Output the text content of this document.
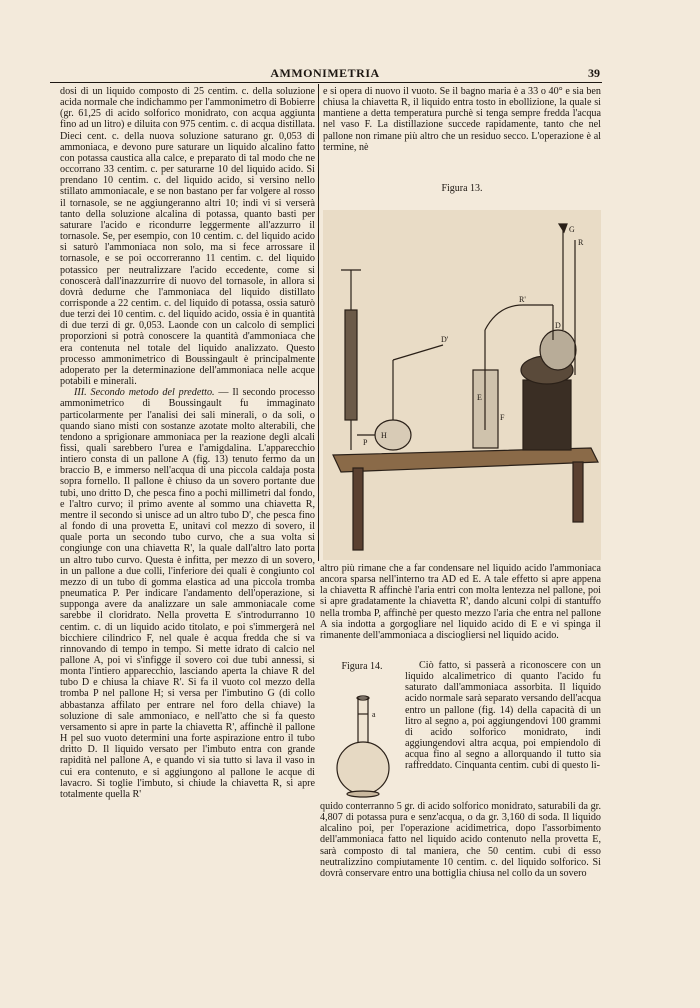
AMMONIMETRIA	39

dosi di un liquido composto di 25 centim. c. della soluzione acida normale che indichammo per l'ammonimetro di Bobierre (gr. 61,25 di acido solforico monidrato, con acqua aggiunta fino ad un litro) e diluita con 975 centim. c. di acqua distillata. Dieci cent. c. della nuova soluzione saturano gr. 0,053 di ammoniaca, e devono pure saturare un liquido alcalino fatto con potassa caustica alla calce, e preparato di tal modo che ne occorrano 33 centim. c. per saturarne 10 del liquido acido. Si prendano 10 centim. c. del liquido acido, si versino nello stillato ammoniacale, e se non bastano per far volgere al rosso il tornasole, se ne aggiungeranno altri 10; indi vi si verserà tanto della soluzione alcalina di potassa, quanto basti per saturare l'acido e ricondurre leggermente all'azzurro il tornasole. Se, per esempio, con 10 centim. c. del liquido acido si saturò l'ammoniaca non solo, ma si fece arrossare il tornasole, e se poi occorreranno 11 centim. c. del liquido potassico per neutralizzare l'acido eccedente, come si conoscerà dall'inazzurrire di nuovo del tornasole, in allora si dovrà dedurne che l'ammoniaca del liquido distillato corrisponde a 22 centim. c. del liquido di potassa, ossia saturò due terzi dei 10 centim. c. del liquido acido, ossia è in quantità di due terzi di gr. 0,053. Laonde con un calcolo di semplici proporzioni si potrà conoscere la quantità d'ammoniaca che era contenuta nel totale del liquido analizzato. Questo processo ammonimetrico di Boussingault è principalmente adoperato per la determinazione dell'ammoniaca nelle acque potabili e minerali.

III. Secondo metodo del predetto. — Il secondo processo ammonimetrico di Boussingault fu immaginato particolarmente per l'analisi dei sali minerali, o da soli, o quando siano misti con sostanze azotate molto alterabili, che tendono a sprigionare ammoniaca per la reazione degli alcali fissi, quali sarebbero l'urea e l'amigdalina. L'apparecchio intiero consta di un pallone A (fig. 13) tenuto fermo da un braccio B, e immerso nell'acqua di una piccola caldaja posta sopra fornello. Il pallone è chiuso da un sovero portante due tubi, uno dritto D, che pesca fino a pochi millimetri dal fondo, e l'altro curvo; il primo avente al sommo una chiavetta R, mentre il secondo si unisce ad un altro tubo D', che pesca fino al fondo di una provetta E, unitavi col mezzo di sovero, il quale porta un secondo tubo curvo, che a sua volta si congiunge con una chiavetta R', la quale dall'altro lato porta un altro tubo curvo. Questa è infitta, per mezzo di un sovero, in un pallone a due colli, l'inferiore dei quali è congiunto col mezzo di un tubo di gomma elastica ad una piccola tromba pneumatica P. Per indicare l'andamento dell'operazione, si supponga avere da analizzare un sale ammoniacale come sarebbe il cloridrato. Nella provetta E s'introdurranno 10 centim. c. di un liquido acido titolato, e poi s'immergerà nel bicchiere cilindrico F, nel quale è acqua fredda che si va rinnovando di tempo in tempo. Si mette idrato di calcio nel pallone A, poi vi s'infigge il sovero coi due tubi annessi, si monta l'intiero apparecchio, lasciando aperta la chiave R del tubo D e chiusa la chiave R'. Si fa il vuoto col mezzo della tromba P nel pallone H; si versa per l'imbutino G (di collo abbastanza affilato per entrare nel foro della chiave) la soluzione di sale ammoniaco, e nell'atto che si fa questo versamento si apre in parte la chiavetta R', affinchè il pallone H pel suo vuoto determini una forte aspirazione entro il tubo dritto D. Il liquido versato per l'imbuto entra con grande rapidità nel pallone A, e quando vi sia tutto si lava il vaso in cui era contenuto, e si aggiungono al pallone le acque di lavacro. Si toglie l'imbuto, si chiude la chiavetta R, si apre totalmente quella R'

e si opera di nuovo il vuoto. Se il bagno maria è a 33 o 40° e sia ben chiusa la chiavetta R, il liquido entra tosto in ebollizione, la quale si mantiene a detta temperatura purchè si tenga sempre fredda l'acqua nel vaso F. La distillazione succede rapidamente, tanto che nel pallone non rimane più altro che un residuo secco. L'operazione è al termine, nè

Figura 13.
G
R
R'
D'
D
E
F
H
P

altro più rimane che a far condensare nel liquido acido l'ammoniaca ancora sparsa nell'interno tra AD ed E. A tale effetto si apre appena la chiavetta R affinchè l'aria entri con molta lentezza nel pallone, poi si apre gradatamente la chiavetta R', dando alcuni colpi di stantuffo nella tromba P, affinchè per questo mezzo l'aria che entra nel pallone A sia indotta a gorgogliare nel liquido acido di E e vi spinga il rimanente dell'ammoniaca a disciogliersi nel liquido acido.

Figura 14.
a

Ciò fatto, si passerà a riconoscere con un liquido alcalimetrico di quanto l'acido fu saturato dall'ammoniaca assorbita. Il liquido acido normale sarà separato versando dell'acqua entro un pallone (fig. 14) della capacità di un litro al segno a, poi aggiungendovi 100 grammi di acido solforico monidrato, indi aggiungendovi altra acqua, poi empiendolo di acqua fino al segno a allorquando il tutto sia raffreddato. Cinquanta centim. cubi di questo li-

quido conterranno 5 gr. di acido solforico monidrato, saturabili da gr. 4,807 di potassa pura e senz'acqua, o da gr. 3,160 di soda. Il liquido alcalino poi, per l'operazione acidimetrica, dopo l'assorbimento dell'ammoniaca fatto nel liquido acido contenuto nella provetta E, sarà composto di tal maniera, che 50 centim. cubi di esso neutralizzino compiutamente 10 centim. c. del liquido solforico. Si dovrà conservare entro una bottiglia chiusa nel collo da un sovero
